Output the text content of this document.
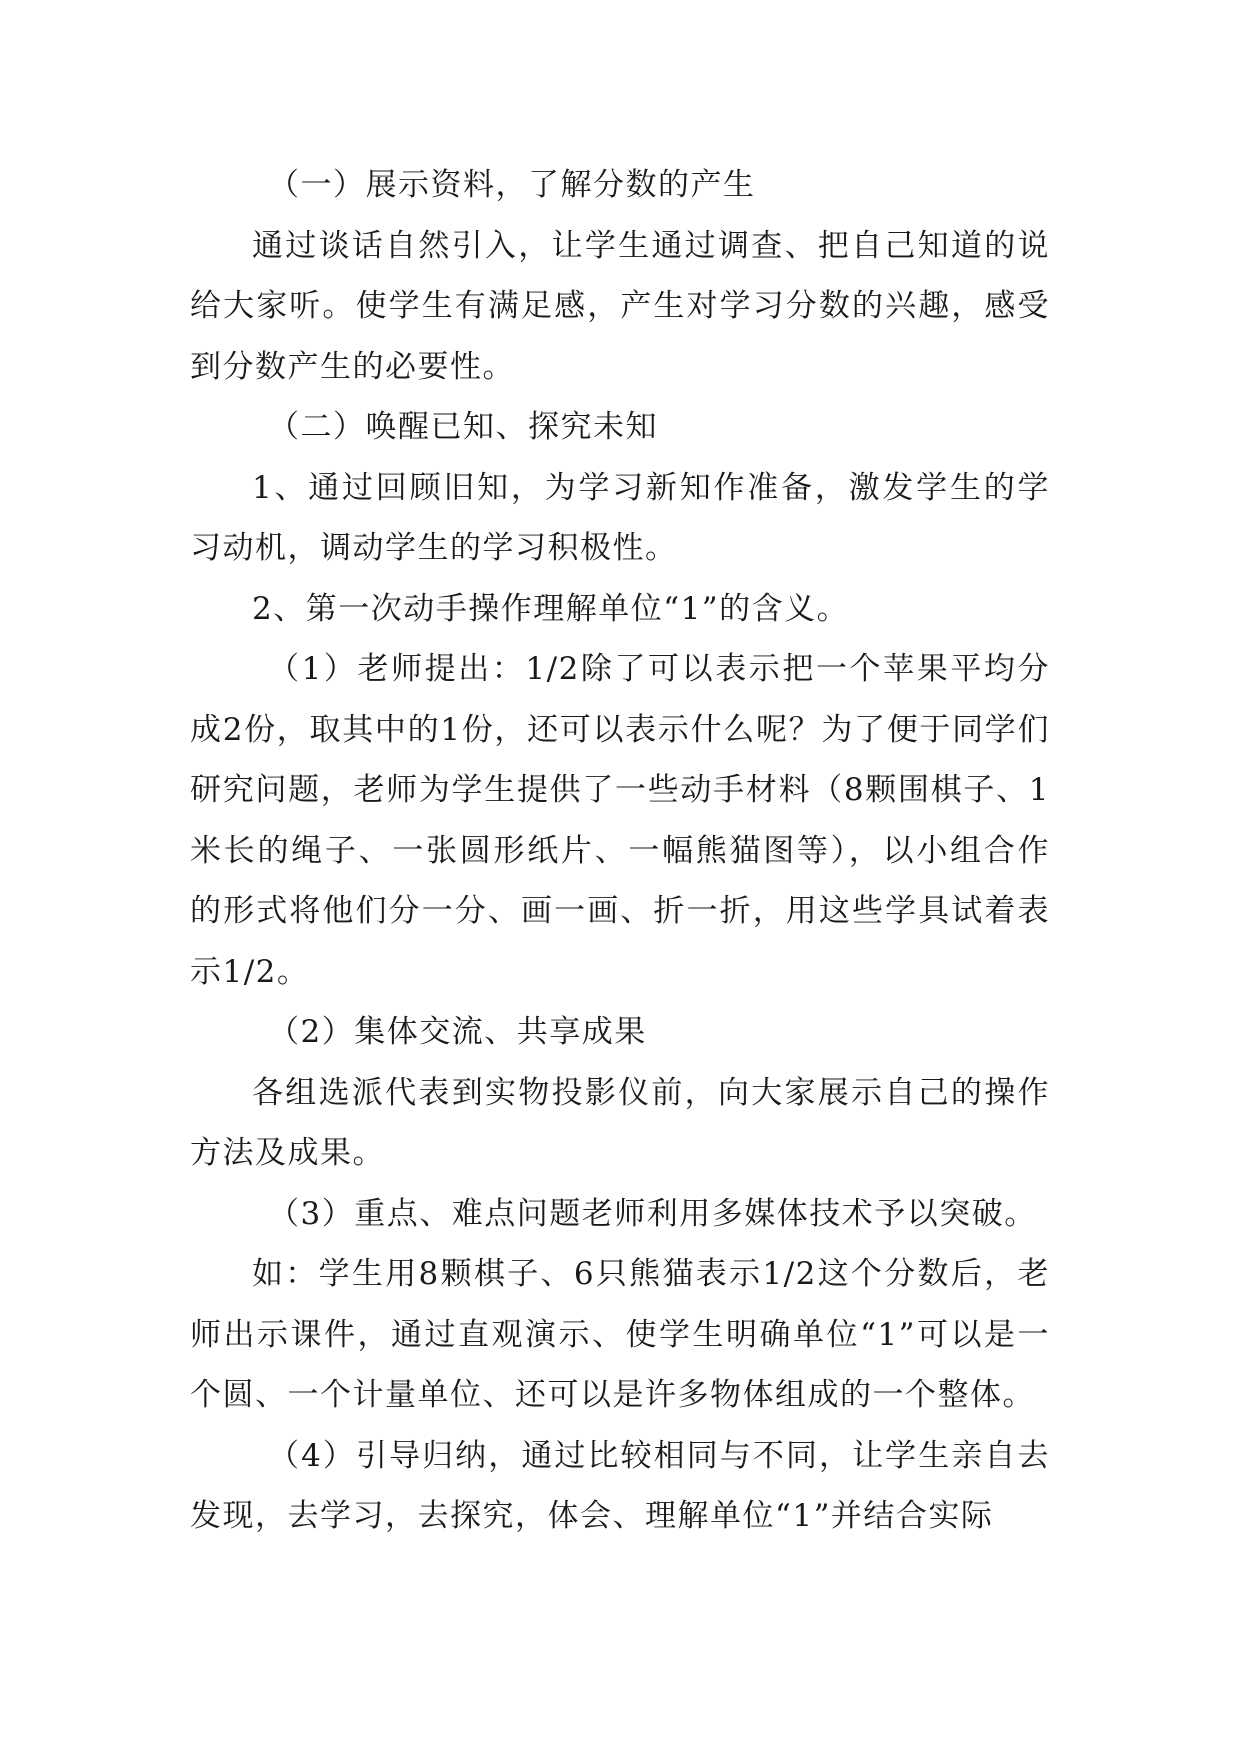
（一）展示资料，了解分数的产生

通过谈话自然引入，让学生通过调查、把自己知道的说给大家听。使学生有满足感，产生对学习分数的兴趣，感受到分数产生的必要性。

（二）唤醒已知、探究未知

1、通过回顾旧知，为学习新知作准备，激发学生的学习动机，调动学生的学习积极性。

2、第一次动手操作理解单位“1”的含义。

（1）老师提出：1/2除了可以表示把一个苹果平均分成2份，取其中的1份，还可以表示什么呢？为了便于同学们研究问题，老师为学生提供了一些动手材料（8颗围棋子、1米长的绳子、一张圆形纸片、一幅熊猫图等），以小组合作的形式将他们分一分、画一画、折一折，用这些学具试着表示1/2。

（2）集体交流、共享成果

各组选派代表到实物投影仪前，向大家展示自己的操作方法及成果。

（3）重点、难点问题老师利用多媒体技术予以突破。

如：学生用8颗棋子、6只熊猫表示1/2这个分数后，老师出示课件，通过直观演示、使学生明确单位“1”可以是一个圆、一个计量单位、还可以是许多物体组成的一个整体。

（4）引导归纳，通过比较相同与不同，让学生亲自去发现，去学习，去探究，体会、理解单位“1”并结合实际
